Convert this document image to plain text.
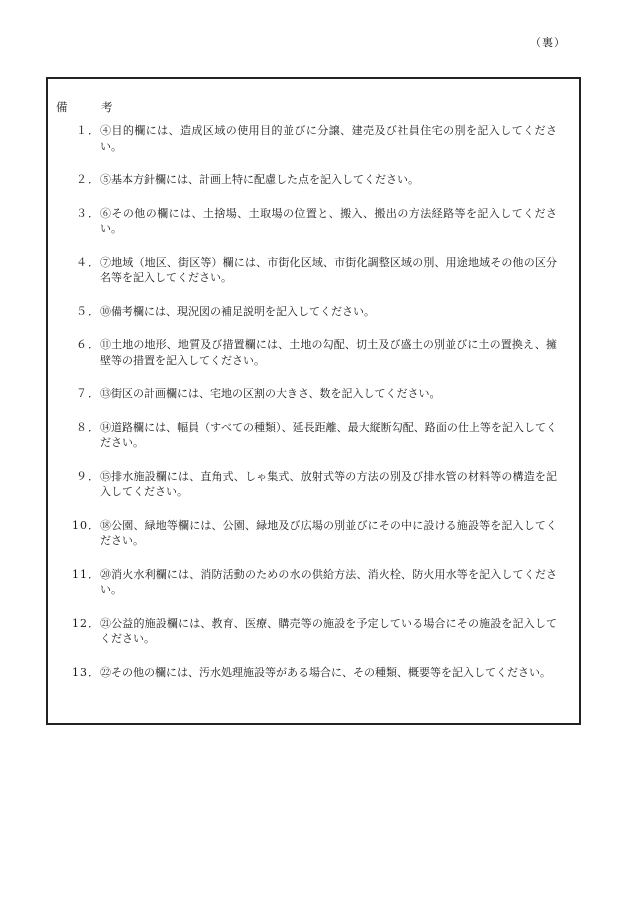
（裏）
備　考
１． ④目的欄には、造成区域の使用目的並びに分譲、建売及び社員住宅の別を記入してください。
２． ⑤基本方針欄には、計画上特に配慮した点を記入してください。
３． ⑥その他の欄には、土捨場、土取場の位置と、搬入、搬出の方法経路等を記入してください。
４． ⑦地域（地区、街区等）欄には、市街化区域、市街化調整区域の別、用途地域その他の区分名等を記入してください。
５． ⑩備考欄には、現況図の補足説明を記入してください。
６． ⑪土地の地形、地質及び措置欄には、土地の勾配、切土及び盛土の別並びに土の置換え、擁壁等の措置を記入してください。
７． ⑬街区の計画欄には、宅地の区割の大きさ、数を記入してください。
８． ⑭道路欄には、幅員（すべての種類）、延長距離、最大縦断勾配、路面の仕上等を記入してください。
９． ⑮排水施設欄には、直角式、しゃ集式、放射式等の方法の別及び排水管の材料等の構造を記入してください。
10． ⑱公園、緑地等欄には、公園、緑地及び広場の別並びにその中に設ける施設等を記入してください。
11． ⑳消火水利欄には、消防活動のための水の供給方法、消火栓、防火用水等を記入してください。
12． ㉑公益的施設欄には、教育、医療、購売等の施設を予定している場合にその施設を記入してください。
13． ㉒その他の欄には、汚水処理施設等がある場合に、その種類、概要等を記入してください。
